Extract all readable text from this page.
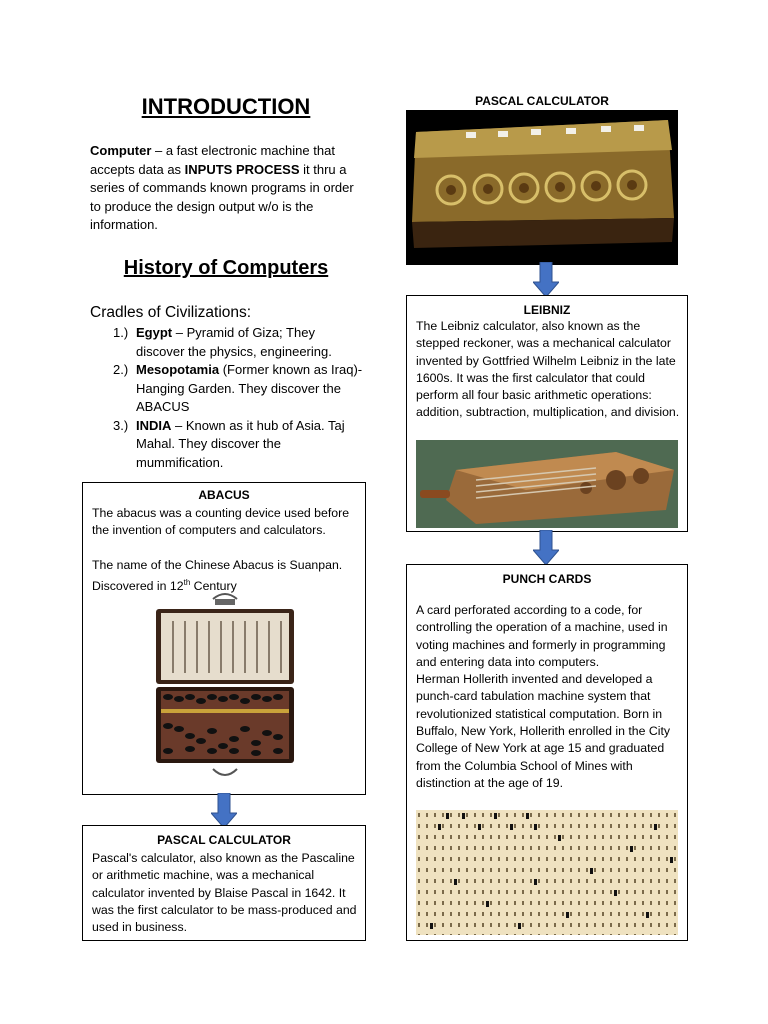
INTRODUCTION
Computer – a fast electronic machine that accepts data as INPUTS PROCESS it thru a series of commands known programs in order to produce the design output w/o is the information.
History of Computers
Cradles of Civilizations:
1.) Egypt – Pyramid of Giza; They discover the physics, engineering.
2.) Mesopotamia (Former known as Iraq)- Hanging Garden. They discover the ABACUS
3.) INDIA – Known as it hub of Asia. Taj Mahal. They discover the mummification.
ABACUS
The abacus was a counting device used before the invention of computers and calculators.
The name of the Chinese Abacus is Suanpan. Discovered in 12th Century
PASCAL CALCULATOR
Pascal's calculator, also known as the Pascaline or arithmetic machine, was a mechanical calculator invented by Blaise Pascal in 1642. It was the first calculator to be mass-produced and used in business.
PASCAL CALCULATOR
LEIBNIZ
The Leibniz calculator, also known as the stepped reckoner, was a mechanical calculator invented by Gottfried Wilhelm Leibniz in the late 1600s. It was the first calculator that could perform all four basic arithmetic operations: addition, subtraction, multiplication, and division.
PUNCH CARDS
A card perforated according to a code, for controlling the operation of a machine, used in voting machines and formerly in programming and entering data into computers.
Herman Hollerith invented and developed a punch-card tabulation machine system that revolutionized statistical computation. Born in Buffalo, New York, Hollerith enrolled in the City College of New York at age 15 and graduated from the Columbia School of Mines with distinction at the age of 19.
